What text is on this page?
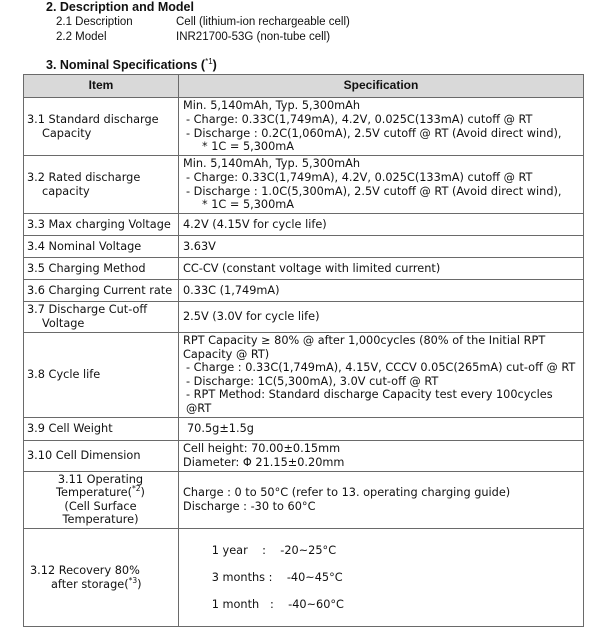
2. Description and Model
2.1 Description	Cell (lithium-ion rechargeable cell)
2.2 Model	INR21700-53G (non-tube cell)
3. Nominal Specifications ($^{*1}$)
Item	Specification
3.1 Standard discharge
Capacity	Min. 5,140mAh, Typ. 5,300mAh

- Charge: 0.33C(1,749mA), 4.2V, 0.025C(133mA) cutoff @ RT
- Discharge : 0.2C(1,060mA), 2.5V cutoff @ RT (Avoid direct wind),
* 1C = 5,300mA

3.2 Rated discharge
capacity	Min. 5,140mAh, Typ. 5,300mAh

- Charge: 0.33C(1,749mA), 4.2V, 0.025C(133mA) cutoff @ RT
- Discharge : 1.0C(5,300mA), 2.5V cutoff @ RT (Avoid direct wind),
* 1C = 5,300mA

3.3 Max charging Voltage	4.2V (4.15V for cycle life)
3.4 Nominal Voltage	3.63V
3.5 Charging Method	CC-CV (constant voltage with limited current)
3.6 Charging Current rate	0.33C (1,749mA)
3.7 Discharge Cut-off
Voltage	2.5V (3.0V for cycle life)
3.8 Cycle life	RPT Capacity ≥ 80% @ after 1,000cycles (80% of the Initial RPT
Capacity @ RT)
- Charge : 0.33C(1,749mA), 4.15V, CCCV 0.05C(265mA) cut-off @ RT
- Discharge: 1C(5,300mA), 3.0V cut-off @ RT
- RPT Method: Standard discharge Capacity test every 100cycles @RT

3.9 Cell Weight	70.5g±1.5g
3.10 Cell Dimension	Cell height: 70.00±0.15mm
Diameter: Φ 21.15±0.20mm
3.11 Operating
Temperature($^{*2}$)
(Cell Surface Temperature)	Charge : 0 to 50°C (refer to 13. operating charging guide)
Discharge : -30 to 60°C
3.12 Recovery 80%
after storage($^{*3}$)	1 year    :    -20~25°C

3 months :    -40~45°C

1 month   :    -40~60°C
